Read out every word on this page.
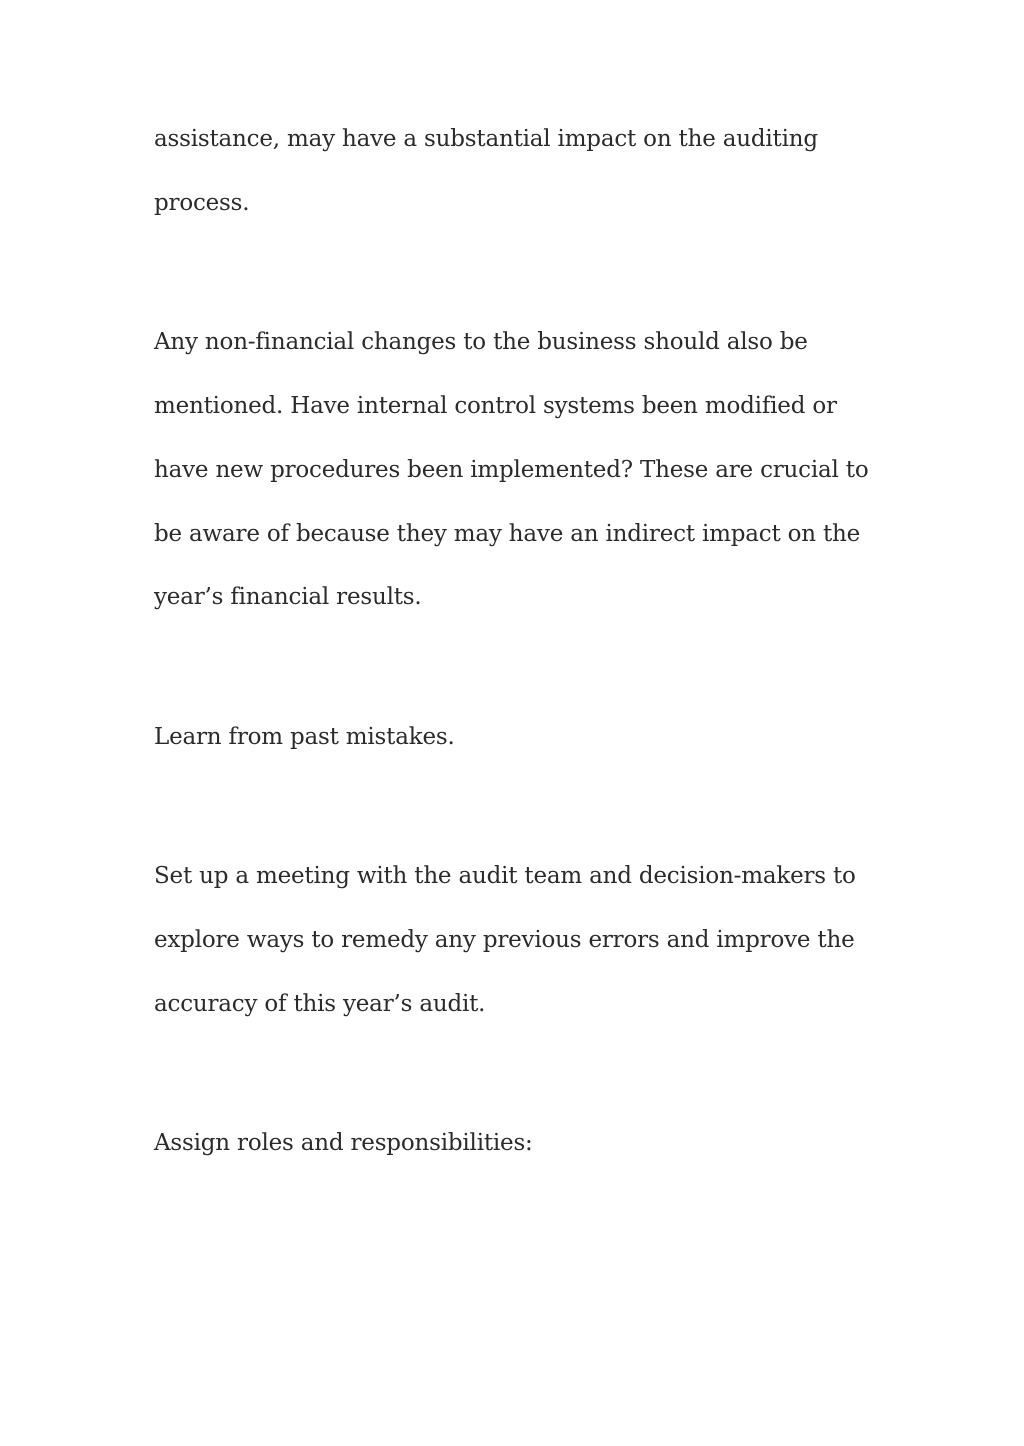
assistance, may have a substantial impact on the auditing

process.

Any non-financial changes to the business should also be

mentioned. Have internal control systems been modified or

have new procedures been implemented? These are crucial to

be aware of because they may have an indirect impact on the

year’s financial results.

Learn from past mistakes.

Set up a meeting with the audit team and decision-makers to

explore ways to remedy any previous errors and improve the

accuracy of this year’s audit.

Assign roles and responsibilities:
